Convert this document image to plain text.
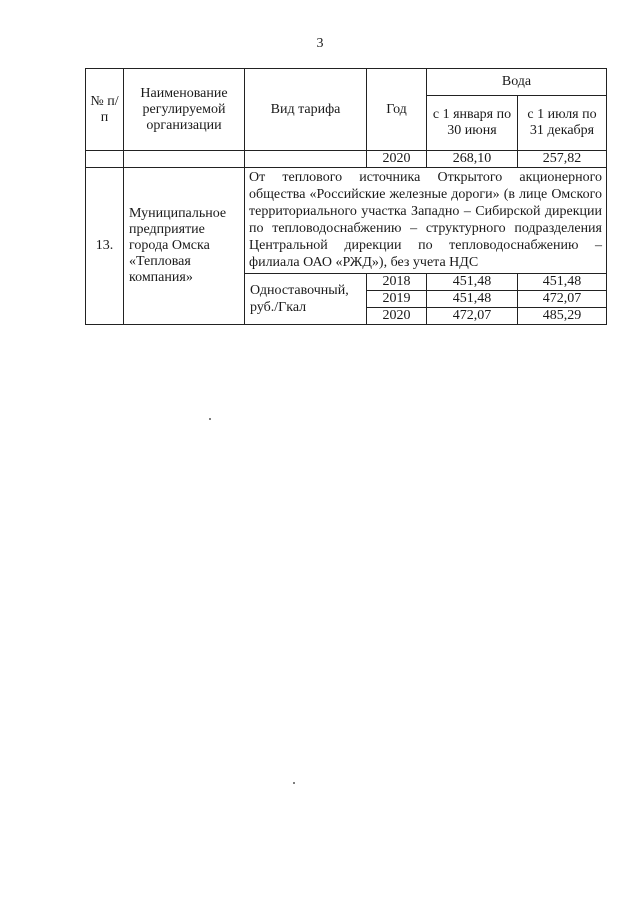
3
№ п/п	Наименование регулируемой организации	Вид тарифа	Год	Вода	
				с 1 января по 30 июня	с 1 июля по 31 декабря
			2020	268,10	257,82
13.	Муниципальное предприятие города Омска «Тепловая компания»	От теплового источника Открытого акционерного общества «Российские железные дороги» (в лице Омского территориального участка Западно – Сибирской дирекции по тепловодоснабжению – структурного подразделения Центральной дирекции по тепловодоснабжению – филиала ОАО «РЖД»), без учета НДС			
		Одноставочный, руб./Гкал	2018	451,48	451,48
			2019	451,48	472,07
			2020	472,07	485,29
